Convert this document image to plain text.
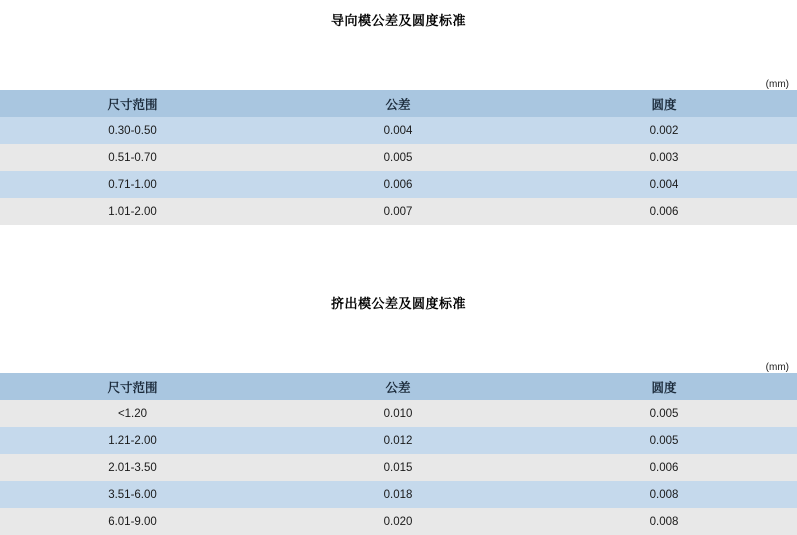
导向模公差及圆度标准
(mm)
尺寸范围	公差	圆度
0.30-0.50	0.004	0.002
0.51-0.70	0.005	0.003
0.71-1.00	0.006	0.004
1.01-2.00	0.007	0.006
挤出模公差及圆度标准
(mm)
尺寸范围	公差	圆度
<1.20	0.010	0.005
1.21-2.00	0.012	0.005
2.01-3.50	0.015	0.006
3.51-6.00	0.018	0.008
6.01-9.00	0.020	0.008
